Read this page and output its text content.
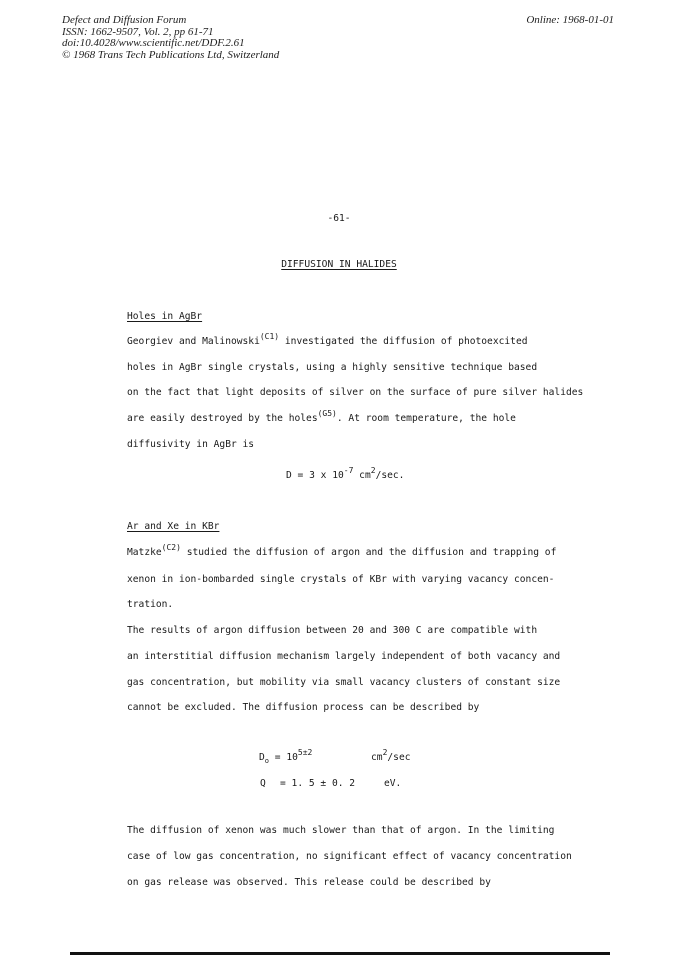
Defect and Diffusion Forum
ISSN: 1662-9507, Vol. 2, pp 61-71
doi:10.4028/www.scientific.net/DDF.2.61
© 1968 Trans Tech Publications Ltd, Switzerland
Online: 1968-01-01
-61-
DIFFUSION IN HALIDES
Holes in AgBr
Georgiev and Malinowski$^{(C1)}$ investigated the diffusion of photoexcited
holes in AgBr single crystals, using a highly sensitive technique based
on the fact that light deposits of silver on the surface of pure silver halides
are easily destroyed by the holes$^{(G5)}$. At room temperature, the hole
diffusivity in AgBr is
D = 3 x $10^{-7}$ $cm^2/\sec$.
Ar and Xe in KBr
Matzke$^{(C2)}$ studied the diffusion of argon and the diffusion and trapping of
xenon in ion-bombarded single crystals of KBr with varying vacancy concen-
tration.
The results of argon diffusion between 20 and 300 C are compatible with
an interstitial diffusion mechanism largely independent of both vacancy and
gas concentration, but mobility via small vacancy clusters of constant size
cannot be excluded. The diffusion process can be described by
$D_o = 10^{5\pm 2}$	$cm^2/\sec$
Q = 1. 5 ± 0. 2	eV.
The diffusion of xenon was much slower than that of argon. In the limiting
case of low gas concentration, no significant effect of vacancy concentration
on gas release was observed. This release could be described by
